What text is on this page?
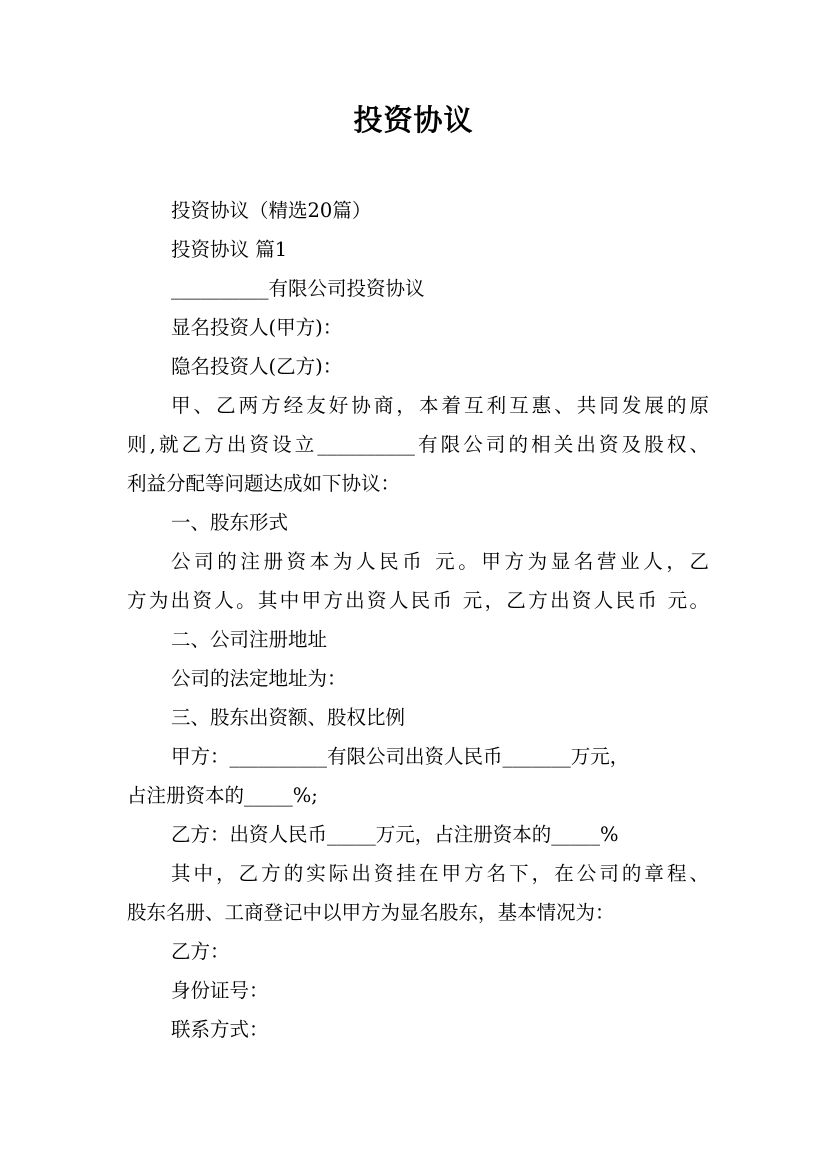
投资协议

投资协议（精选20篇）

投资协议 篇1

__________有限公司投资协议

显名投资人(甲方)：

隐名投资人(乙方)：

甲、乙两方经友好协商，本着互利互惠、共同发展的原

则,就乙方出资设立__________有限公司的相关出资及股权、

利益分配等问题达成如下协议：

一、股东形式

公司的注册资本为人民币 元。甲方为显名营业人，乙

方为出资人。其中甲方出资人民币 元，乙方出资人民币 元。

二、公司注册地址

公司的法定地址为：

三、股东出资额、股权比例

甲方：__________有限公司出资人民币_______万元，

占注册资本的_____%;

乙方：出资人民币_____万元，占注册资本的_____%

其中，乙方的实际出资挂在甲方名下，在公司的章程、

股东名册、工商登记中以甲方为显名股东，基本情况为：

乙方：

身份证号：

联系方式：
